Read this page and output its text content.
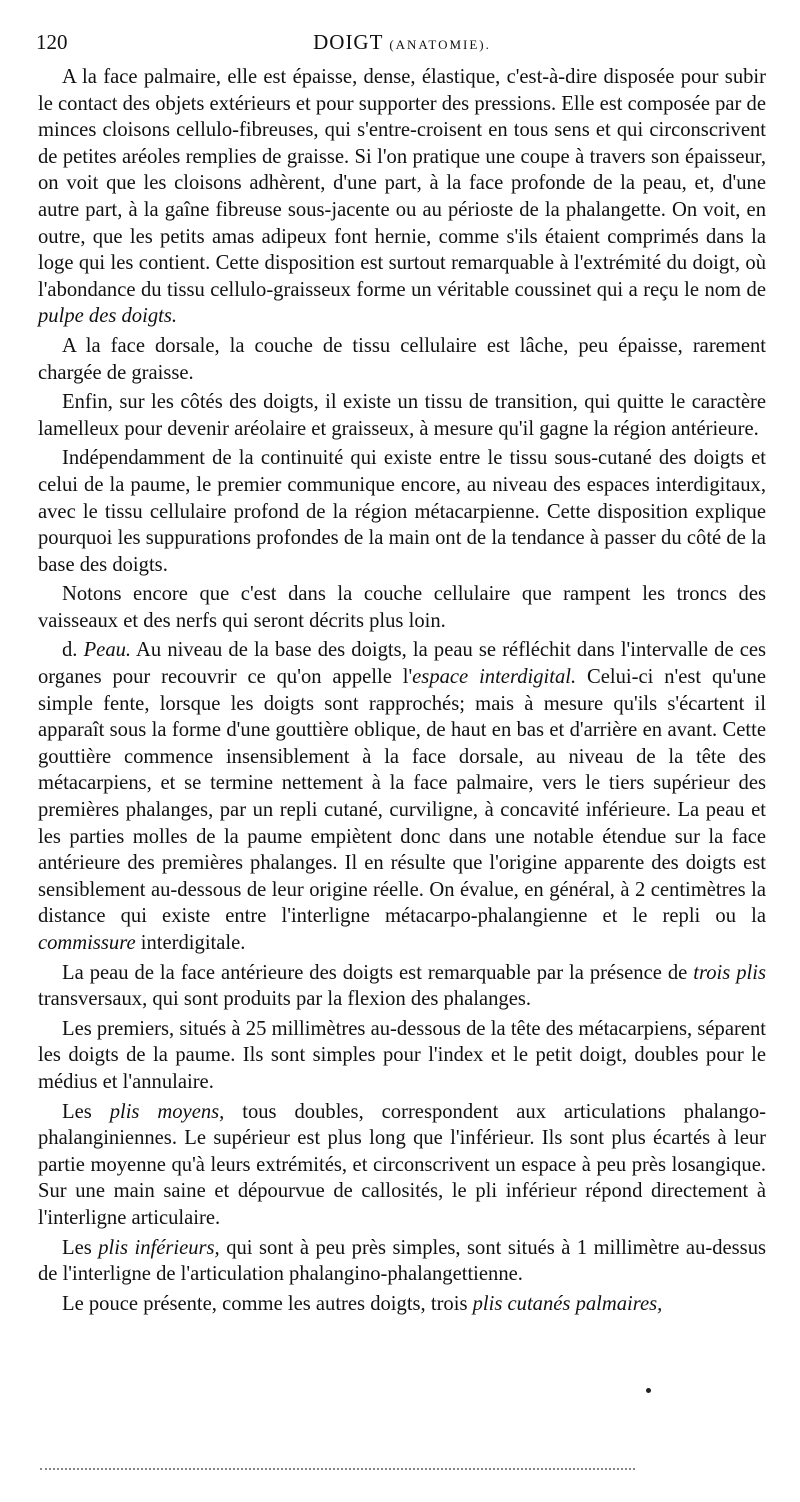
120	DOIGT (ANATOMIE).

A la face palmaire, elle est épaisse, dense, élastique, c'est-à-dire disposée pour subir le contact des objets extérieurs et pour supporter des pressions. Elle est composée par de minces cloisons cellulo-fibreuses, qui s'entre-croisent en tous sens et qui circonscrivent de petites aréoles remplies de graisse. Si l'on pratique une coupe à travers son épaisseur, on voit que les cloisons adhèrent, d'une part, à la face profonde de la peau, et, d'une autre part, à la gaîne fibreuse sous-jacente ou au périoste de la phalangette. On voit, en outre, que les petits amas adipeux font hernie, comme s'ils étaient comprimés dans la loge qui les contient. Cette disposition est surtout remarquable à l'extrémité du doigt, où l'abondance du tissu cellulo-graisseux forme un véritable coussinet qui a reçu le nom de pulpe des doigts.

A la face dorsale, la couche de tissu cellulaire est lâche, peu épaisse, rarement chargée de graisse.

Enfin, sur les côtés des doigts, il existe un tissu de transition, qui quitte le caractère lamelleux pour devenir aréolaire et graisseux, à mesure qu'il gagne la région antérieure.

Indépendamment de la continuité qui existe entre le tissu sous-cutané des doigts et celui de la paume, le premier communique encore, au niveau des espaces interdigitaux, avec le tissu cellulaire profond de la région métacarpienne. Cette disposition explique pourquoi les suppurations profondes de la main ont de la tendance à passer du côté de la base des doigts.

Notons encore que c'est dans la couche cellulaire que rampent les troncs des vaisseaux et des nerfs qui seront décrits plus loin.

d. Peau. Au niveau de la base des doigts, la peau se réfléchit dans l'intervalle de ces organes pour recouvrir ce qu'on appelle l'espace interdigital. Celui-ci n'est qu'une simple fente, lorsque les doigts sont rapprochés; mais à mesure qu'ils s'écartent il apparaît sous la forme d'une gouttière oblique, de haut en bas et d'arrière en avant. Cette gouttière commence insensiblement à la face dorsale, au niveau de la tête des métacarpiens, et se termine nettement à la face palmaire, vers le tiers supérieur des premières phalanges, par un repli cutané, curviligne, à concavité inférieure. La peau et les parties molles de la paume empiètent donc dans une notable étendue sur la face antérieure des premières phalanges. Il en résulte que l'origine apparente des doigts est sensiblement au-dessous de leur origine réelle. On évalue, en général, à 2 centimètres la distance qui existe entre l'interligne métacarpo-phalangienne et le repli ou la commissure interdigitale.

La peau de la face antérieure des doigts est remarquable par la présence de trois plis transversaux, qui sont produits par la flexion des phalanges.

Les premiers, situés à 25 millimètres au-dessous de la tête des métacarpiens, séparent les doigts de la paume. Ils sont simples pour l'index et le petit doigt, doubles pour le médius et l'annulaire.

Les plis moyens, tous doubles, correspondent aux articulations phalango-phalanginiennes. Le supérieur est plus long que l'inférieur. Ils sont plus écartés à leur partie moyenne qu'à leurs extrémités, et circonscrivent un espace à peu près losangique. Sur une main saine et dépourvue de callosités, le pli inférieur répond directement à l'interligne articulaire.

Les plis inférieurs, qui sont à peu près simples, sont situés à 1 millimètre au-dessus de l'interligne de l'articulation phalangino-phalangettienne.

Le pouce présente, comme les autres doigts, trois plis cutanés palmaires,
